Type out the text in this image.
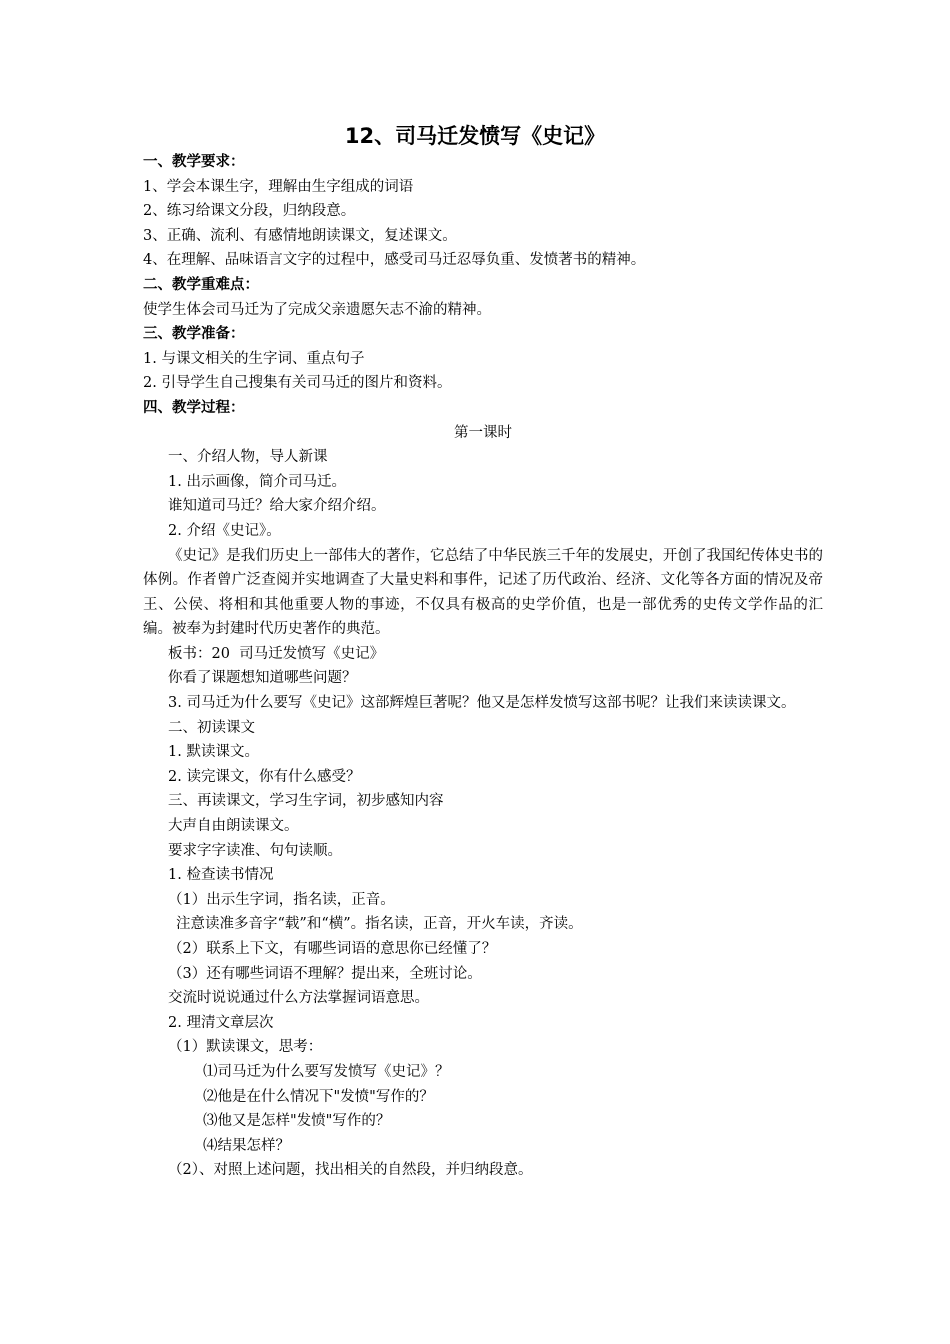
12、司马迁发愤写《史记》
一、教学要求：
1、学会本课生字，理解由生字组成的词语
2、练习给课文分段，归纳段意。
3、正确、流利、有感情地朗读课文，复述课文。
4、在理解、品味语言文字的过程中，感受司马迁忍辱负重、发愤著书的精神。
二、教学重难点：
使学生体会司马迁为了完成父亲遗愿矢志不渝的精神。
三、教学准备：
1. 与课文相关的生字词、重点句子
2. 引导学生自己搜集有关司马迁的图片和资料。
四、教学过程：
第一课时
一、介绍人物，导人新课
1. 出示画像，简介司马迁。
谁知道司马迁？给大家介绍介绍。
2. 介绍《史记》。
《史记》是我们历史上一部伟大的著作，它总结了中华民族三千年的发展史，开创了我国纪传体史书的体例。作者曾广泛查阅并实地调查了大量史料和事件，记述了历代政治、经济、文化等各方面的情况及帝王、公侯、将相和其他重要人物的事迹，不仅具有极高的史学价值，也是一部优秀的史传文学作品的汇编。被奉为封建时代历史著作的典范。
板书：20  司马迁发愤写《史记》
你看了课题想知道哪些问题？
3. 司马迁为什么要写《史记》这部辉煌巨著呢？他又是怎样发愤写这部书呢？让我们来读读课文。
二、初读课文
1. 默读课文。
2. 读完课文，你有什么感受？
三、再读课文，学习生字词，初步感知内容
大声自由朗读课文。
要求字字读准、句句读顺。
1. 检查读书情况
（1）出示生字词，指名读，正音。
注意读准多音字“载”和“横”。指名读，正音，开火车读，齐读。
（2）联系上下文，有哪些词语的意思你已经懂了？
（3）还有哪些词语不理解？提出来，全班讨论。
交流时说说通过什么方法掌握词语意思。
2. 理清文章层次
（1）默读课文，思考：
⑴司马迁为什么要写发愤写《史记》？
⑵他是在什么情况下"发愤"写作的？
⑶他又是怎样"发愤"写作的？
⑷结果怎样？
（2）、对照上述问题，找出相关的自然段，并归纳段意。
